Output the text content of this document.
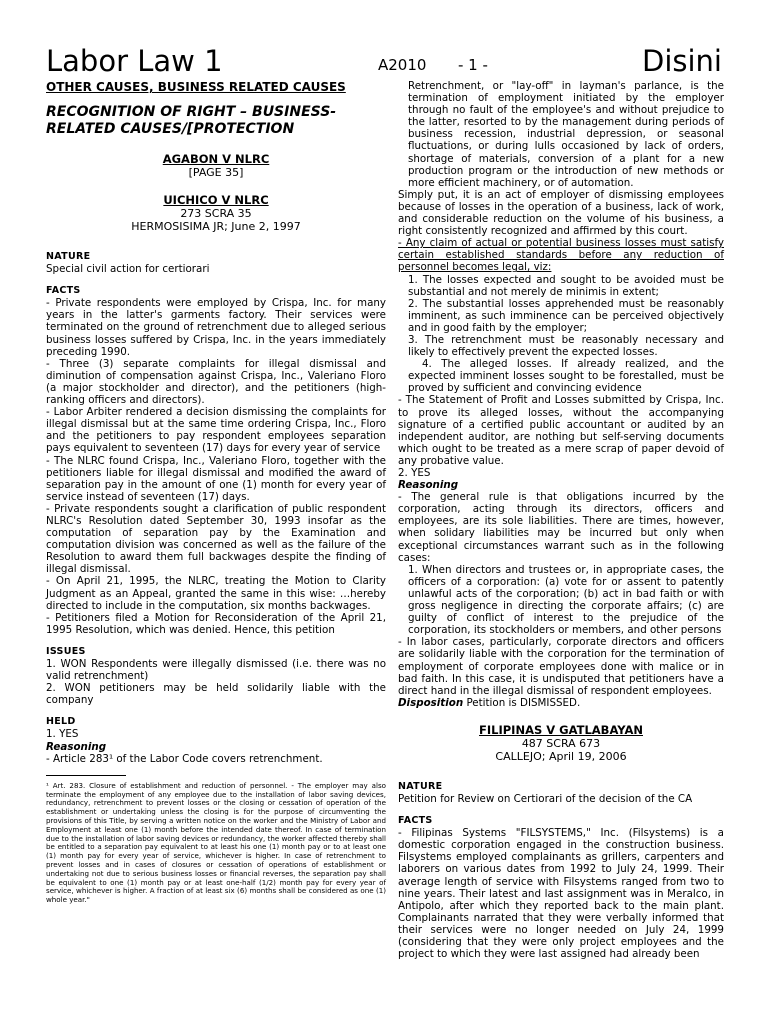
Labor Law 1	A2010 - 1 -	Disini

OTHER CAUSES, BUSINESS RELATED CAUSES

RECOGNITION OF RIGHT – BUSINESS-RELATED CAUSES/[PROTECTION

AGABON V NLRC

[PAGE 35]

UICHICO V NLRC

273 SCRA 35

HERMOSISIMA JR; June 2, 1997

NATURE

Special civil action for certiorari

FACTS

- Private respondents were employed by Crispa, Inc. for many years in the latter's garments factory. Their services were terminated on the ground of retrenchment due to alleged serious business losses suffered by Crispa, Inc. in the years immediately preceding 1990.

- Three (3) separate complaints for illegal dismissal and diminution of compensation against Crispa, Inc., Valeriano Floro (a major stockholder and director), and the petitioners (high-ranking officers and directors).

- Labor Arbiter rendered a decision dismissing the complaints for illegal dismissal but at the same time ordering Crispa, Inc., Floro and the petitioners to pay respondent employees separation pays equivalent to seventeen (17) days for every year of service

- The NLRC found Crispa, Inc., Valeriano Floro, together with the petitioners liable for illegal dismissal and modified the award of separation pay in the amount of one (1) month for every year of service instead of seventeen (17) days.

- Private respondents sought a clarification of public respondent NLRC's Resolution dated September 30, 1993 insofar as the computation of separation pay by the Examination and computation division was concerned as well as the failure of the Resolution to award them full backwages despite the finding of illegal dismissal.

- On April 21, 1995, the NLRC, treating the Motion to Clarity Judgment as an Appeal, granted the same in this wise: …hereby directed to include in the computation, six months backwages.

- Petitioners filed a Motion for Reconsideration of the April 21, 1995 Resolution, which was denied. Hence, this petition

ISSUES

1. WON Respondents were illegally dismissed (i.e. there was no valid retrenchment)

2. WON petitioners may be held solidarily liable with the company

HELD

1. YES

Reasoning

- Article 283¹ of the Labor Code covers retrenchment.

¹ Art. 283. Closure of establishment and reduction of personnel. - The employer may also terminate the employment of any employee due to the installation of labor saving devices, redundancy, retrenchment to prevent losses or the closing or cessation of operation of the establishment or undertaking unless the closing is for the purpose of circumventing the provisions of this Title, by serving a written notice on the worker and the Ministry of Labor and Employment at least one (1) month before the intended date thereof. In case of termination due to the installation of labor saving devices or redundancy, the worker affected thereby shall be entitled to a separation pay equivalent to at least his one (1) month pay or to at least one (1) month pay for every year of service, whichever is higher. In case of retrenchment to prevent losses and in cases of closures or cessation of operations of establishment or undertaking not due to serious business losses or financial reverses, the separation pay shall be equivalent to one (1) month pay or at least one-half (1/2) month pay for every year of service, whichever is higher. A fraction of at least six (6) months shall be considered as one (1) whole year."

Retrenchment, or "lay-off" in layman's parlance, is the termination of employment initiated by the employer through no fault of the employee's and without prejudice to the latter, resorted to by the management during periods of business recession, industrial depression, or seasonal fluctuations, or during lulls occasioned by lack of orders, shortage of materials, conversion of a plant for a new production program or the introduction of new methods or more efficient machinery, or of automation.

Simply put, it is an act of employer of dismissing employees because of losses in the operation of a business, lack of work, and considerable reduction on the volume of his business, a right consistently recognized and affirmed by this court.

- Any claim of actual or potential business losses must satisfy certain established standards before any reduction of personnel becomes legal, viz:

1. The losses expected and sought to be avoided must be substantial and not merely de minimis in extent;

2. The substantial losses apprehended must be reasonably imminent, as such imminence can be perceived objectively and in good faith by the employer;

3. The retrenchment must be reasonably necessary and likely to effectively prevent the expected losses.

4. The alleged losses. If already realized, and the expected imminent losses sought to be forestalled, must be proved by sufficient and convincing evidence

- The Statement of Profit and Losses submitted by Crispa, Inc. to prove its alleged losses, without the accompanying signature of a certified public accountant or audited by an independent auditor, are nothing but self-serving documents which ought to be treated as a mere scrap of paper devoid of any probative value.

2. YES

Reasoning

- The general rule is that obligations incurred by the corporation, acting through its directors, officers and employees, are its sole liabilities. There are times, however, when solidary liabilities may be incurred but only when exceptional circumstances warrant such as in the following cases:

1. When directors and trustees or, in appropriate cases, the officers of a corporation: (a) vote for or assent to patently unlawful acts of the corporation; (b) act in bad faith or with gross negligence in directing the corporate affairs; (c) are guilty of conflict of interest to the prejudice of the corporation, its stockholders or members, and other persons

- In labor cases, particularly, corporate directors and officers are solidarily liable with the corporation for the termination of employment of corporate employees done with malice or in bad faith. In this case, it is undisputed that petitioners have a direct hand in the illegal dismissal of respondent employees.

Disposition Petition is DISMISSED.

FILIPINAS V GATLABAYAN

487 SCRA 673

CALLEJO; April 19, 2006

NATURE

Petition for Review on Certiorari of the decision of the CA

FACTS

- Filipinas Systems "FILSYSTEMS," Inc. (Filsystems) is a domestic corporation engaged in the construction business. Filsystems employed complainants as grillers, carpenters and laborers on various dates from 1992 to July 24, 1999. Their average length of service with Filsystems ranged from two to nine years. Their latest and last assignment was in Meralco, in Antipolo, after which they reported back to the main plant. Complainants narrated that they were verbally informed that their services were no longer needed on July 24, 1999 (considering that they were only project employees and the project to which they were last assigned had already been
